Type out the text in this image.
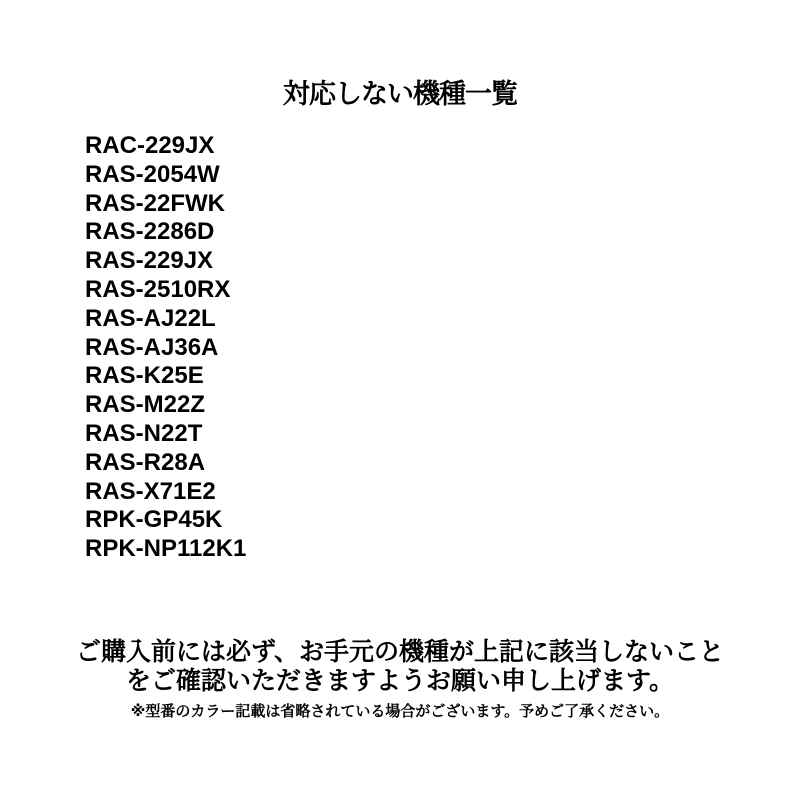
対応しない機種一覧
RAC-229JX
RAS-2054W
RAS-22FWK
RAS-2286D
RAS-229JX
RAS-2510RX
RAS-AJ22L
RAS-AJ36A
RAS-K25E
RAS-M22Z
RAS-N22T
RAS-R28A
RAS-X71E2
RPK-GP45K
RPK-NP112K1
ご購入前には必ず、お手元の機種が上記に該当しないこと
をご確認いただきますようお願い申し上げます。
※型番のカラー記載は省略されている場合がございます。予めご了承ください。
